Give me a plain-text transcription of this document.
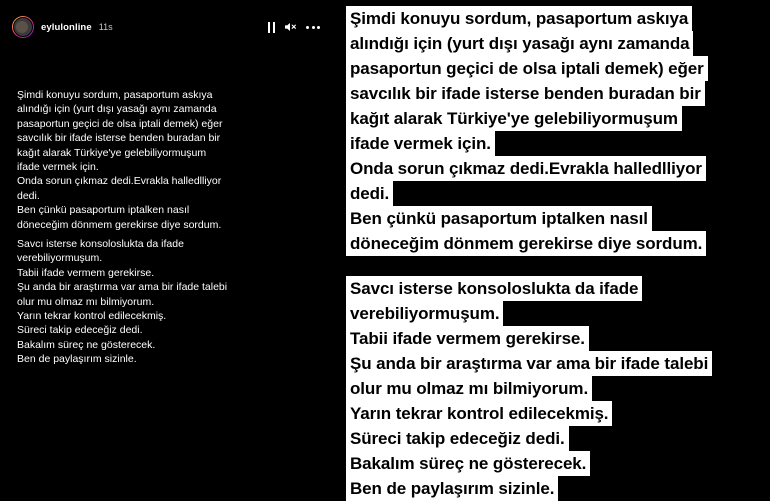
eylulonline 11s
Şimdi konuyu sordum, pasaportum askıya
alındığı için (yurt dışı yasağı aynı zamanda
pasaportun geçici de olsa iptali demek) eğer
savcılık bir ifade isterse benden buradan bir
kağıt alarak Türkiye'ye gelebiliyormuşum
ifade vermek için.
Onda sorun çıkmaz dedi.Evrakla halledlliyor
dedi.
Ben çünkü pasaportum iptalken nasıl
döneceğim dönmem gerekirse diye sordum.
Savcı isterse konsoloslukta da ifade
verebiliyormuşum.
Tabii ifade vermem gerekirse.
Şu anda bir araştırma var ama bir ifade talebi
olur mu olmaz mı bilmiyorum.
Yarın tekrar kontrol edilecekmiş.
Süreci takip edeceğiz dedi.
Bakalım süreç ne gösterecek.
Ben de paylaşırım sizinle.
Şimdi konuyu sordum, pasaportum askıya
alındığı için (yurt dışı yasağı aynı zamanda
pasaportun geçici de olsa iptali demek) eğer
savcılık bir ifade isterse benden buradan bir
kağıt alarak Türkiye'ye gelebiliyormuşum
ifade vermek için.
Onda sorun çıkmaz dedi.Evrakla halledlliyor
dedi.
Ben çünkü pasaportum iptalken nasıl
döneceğim dönmem gerekirse diye sordum.
Savcı isterse konsoloslukta da ifade
verebiliyormuşum.
Tabii ifade vermem gerekirse.
Şu anda bir araştırma var ama bir ifade talebi
olur mu olmaz mı bilmiyorum.
Yarın tekrar kontrol edilecekmiş.
Süreci takip edeceğiz dedi.
Bakalım süreç ne gösterecek.
Ben de paylaşırım sizinle.
